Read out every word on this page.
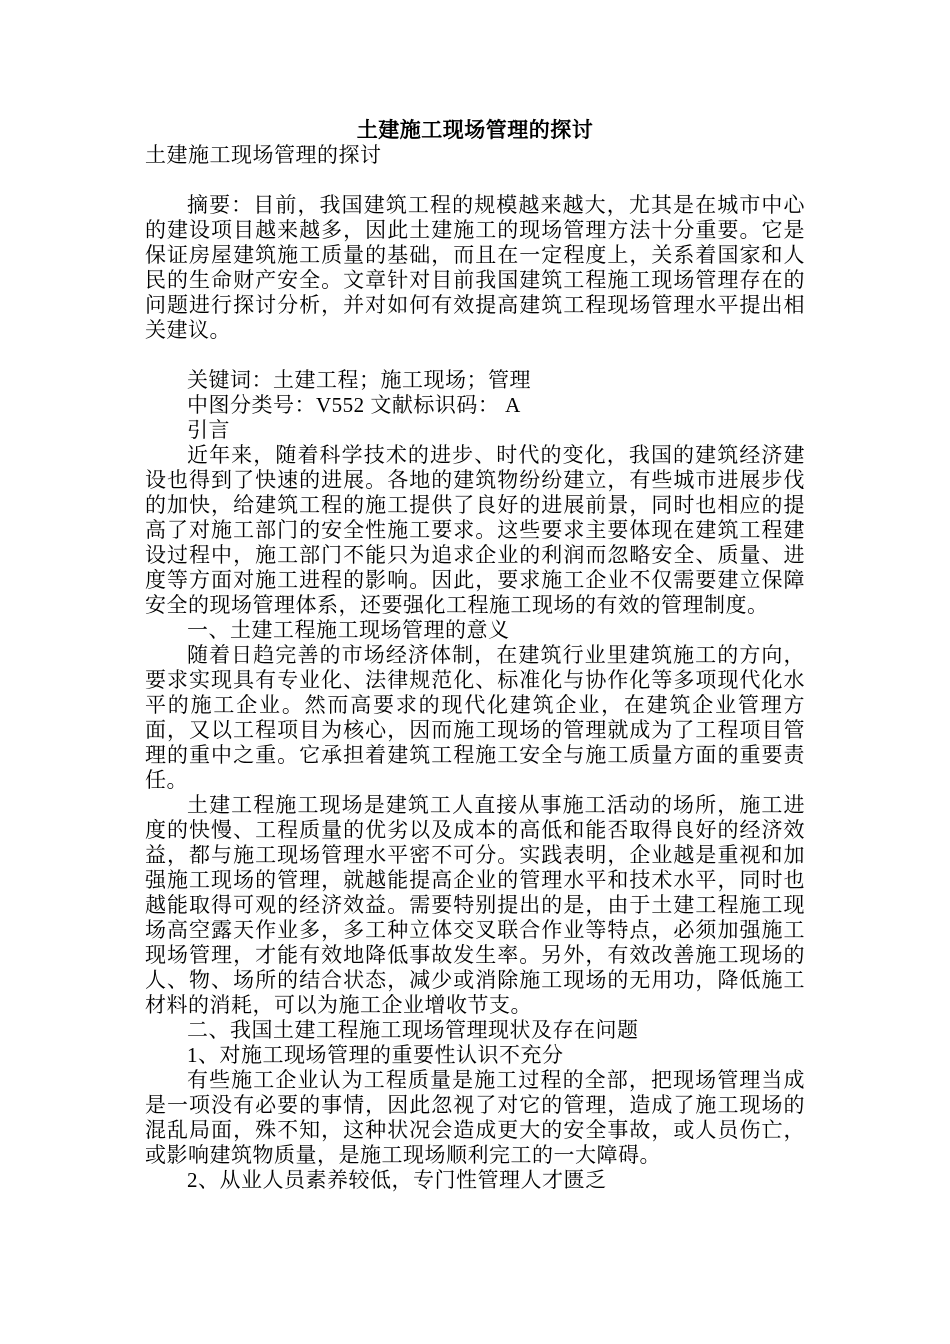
土建施工现场管理的探讨

土建施工现场管理的探讨

摘要：目前，我国建筑工程的规模越来越大，尤其是在城市中心的建设项目越来越多，因此土建施工的现场管理方法十分重要。它是保证房屋建筑施工质量的基础，而且在一定程度上，关系着国家和人民的生命财产安全。文章针对目前我国建筑工程施工现场管理存在的问题进行探讨分析，并对如何有效提高建筑工程现场管理水平提出相关建议。

关键词：土建工程；施工现场；管理

中图分类号：V552 文献标识码： A

引言

近年来，随着科学技术的进步、时代的变化，我国的建筑经济建设也得到了快速的进展。各地的建筑物纷纷建立，有些城市进展步伐的加快，给建筑工程的施工提供了良好的进展前景，同时也相应的提高了对施工部门的安全性施工要求。这些要求主要体现在建筑工程建设过程中，施工部门不能只为追求企业的利润而忽略安全、质量、进度等方面对施工进程的影响。因此，要求施工企业不仅需要建立保障安全的现场管理体系，还要强化工程施工现场的有效的管理制度。

一、土建工程施工现场管理的意义

随着日趋完善的市场经济体制，在建筑行业里建筑施工的方向，要求实现具有专业化、法律规范化、标准化与协作化等多项现代化水平的施工企业。然而高要求的现代化建筑企业，在建筑企业管理方面，又以工程项目为核心，因而施工现场的管理就成为了工程项目管理的重中之重。它承担着建筑工程施工安全与施工质量方面的重要责任。

土建工程施工现场是建筑工人直接从事施工活动的场所，施工进度的快慢、工程质量的优劣以及成本的高低和能否取得良好的经济效益，都与施工现场管理水平密不可分。实践表明，企业越是重视和加强施工现场的管理，就越能提高企业的管理水平和技术水平，同时也越能取得可观的经济效益。需要特别提出的是，由于土建工程施工现场高空露天作业多，多工种立体交叉联合作业等特点，必须加强施工现场管理，才能有效地降低事故发生率。另外，有效改善施工现场的人、物、场所的结合状态，减少或消除施工现场的无用功，降低施工材料的消耗，可以为施工企业增收节支。

二、我国土建工程施工现场管理现状及存在问题

1、对施工现场管理的重要性认识不充分

有些施工企业认为工程质量是施工过程的全部，把现场管理当成是一项没有必要的事情，因此忽视了对它的管理，造成了施工现场的混乱局面，殊不知，这种状况会造成更大的安全事故，或人员伤亡，或影响建筑物质量，是施工现场顺利完工的一大障碍。

2、从业人员素养较低，专门性管理人才匮乏
